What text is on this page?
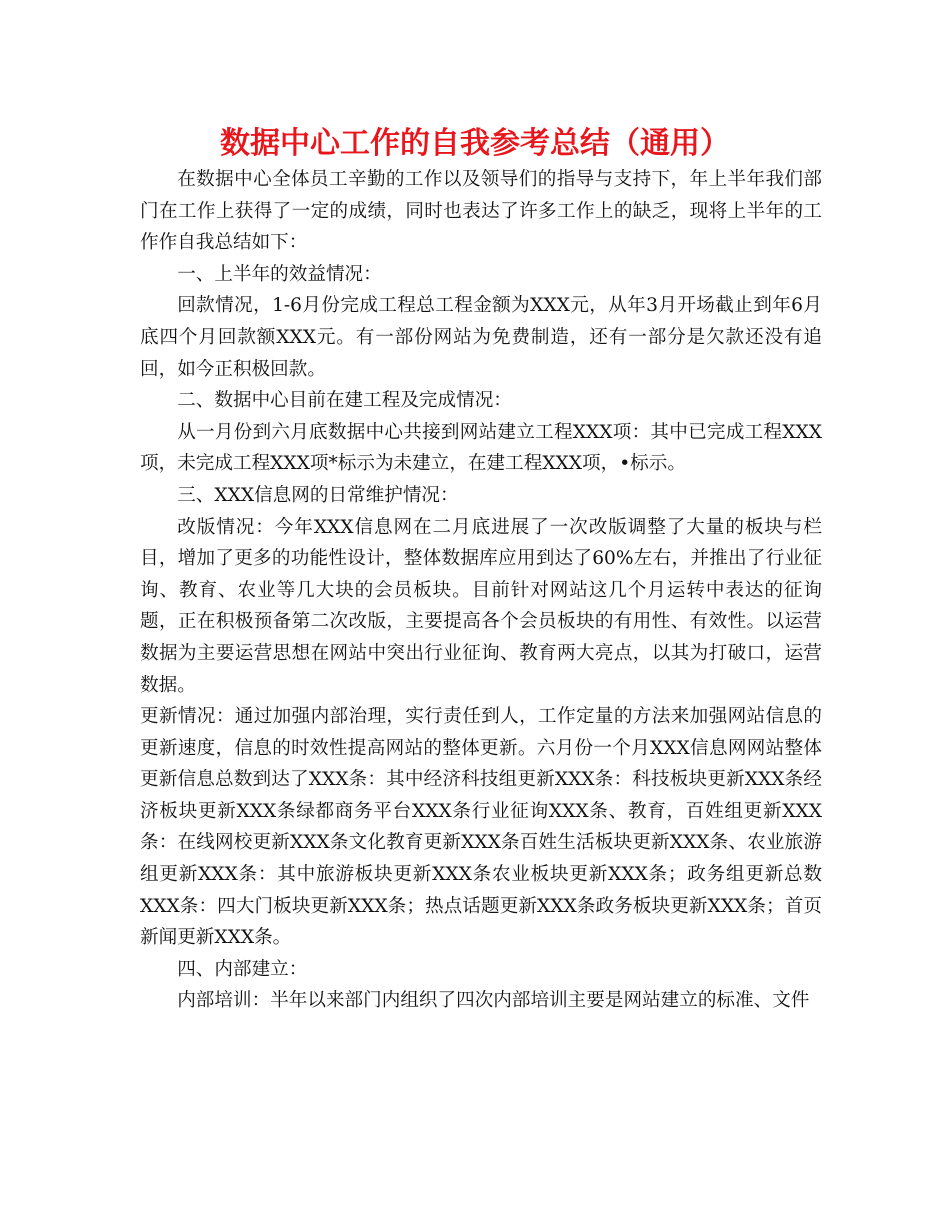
数据中心工作的自我参考总结（通用）

在数据中心全体员工辛勤的工作以及领导们的指导与支持下，年上半年我们部门在工作上获得了一定的成绩，同时也表达了许多工作上的缺乏，现将上半年的工作作自我总结如下：

一、上半年的效益情况：

回款情况，1-6月份完成工程总工程金额为XXX元，从年3月开场截止到年6月底四个月回款额XXX元。有一部份网站为免费制造，还有一部分是欠款还没有追回，如今正积极回款。

二、数据中心目前在建工程及完成情况：

从一月份到六月底数据中心共接到网站建立工程XXX项：其中已完成工程XXX项，未完成工程XXX项*标示为未建立，在建工程XXX项，•标示。

三、XXX信息网的日常维护情况：

改版情况：今年XXX信息网在二月底进展了一次改版调整了大量的板块与栏目，增加了更多的功能性设计，整体数据库应用到达了60%左右，并推出了行业征询、教育、农业等几大块的会员板块。目前针对网站这几个月运转中表达的征询题，正在积极预备第二次改版，主要提高各个会员板块的有用性、有效性。以运营数据为主要运营思想在网站中突出行业征询、教育两大亮点，以其为打破口，运营数据。

更新情况：通过加强内部治理，实行责任到人，工作定量的方法来加强网站信息的更新速度，信息的时效性提高网站的整体更新。六月份一个月XXX信息网网站整体更新信息总数到达了XXX条：其中经济科技组更新XXX条：科技板块更新XXX条经济板块更新XXX条绿都商务平台XXX条行业征询XXX条、教育，百姓组更新XXX条：在线网校更新XXX条文化教育更新XXX条百姓生活板块更新XXX条、农业旅游组更新XXX条：其中旅游板块更新XXX条农业板块更新XXX条；政务组更新总数XXX条：四大门板块更新XXX条；热点话题更新XXX条政务板块更新XXX条；首页新闻更新XXX条。

四、内部建立：

内部培训：半年以来部门内组织了四次内部培训主要是网站建立的标准、文件
